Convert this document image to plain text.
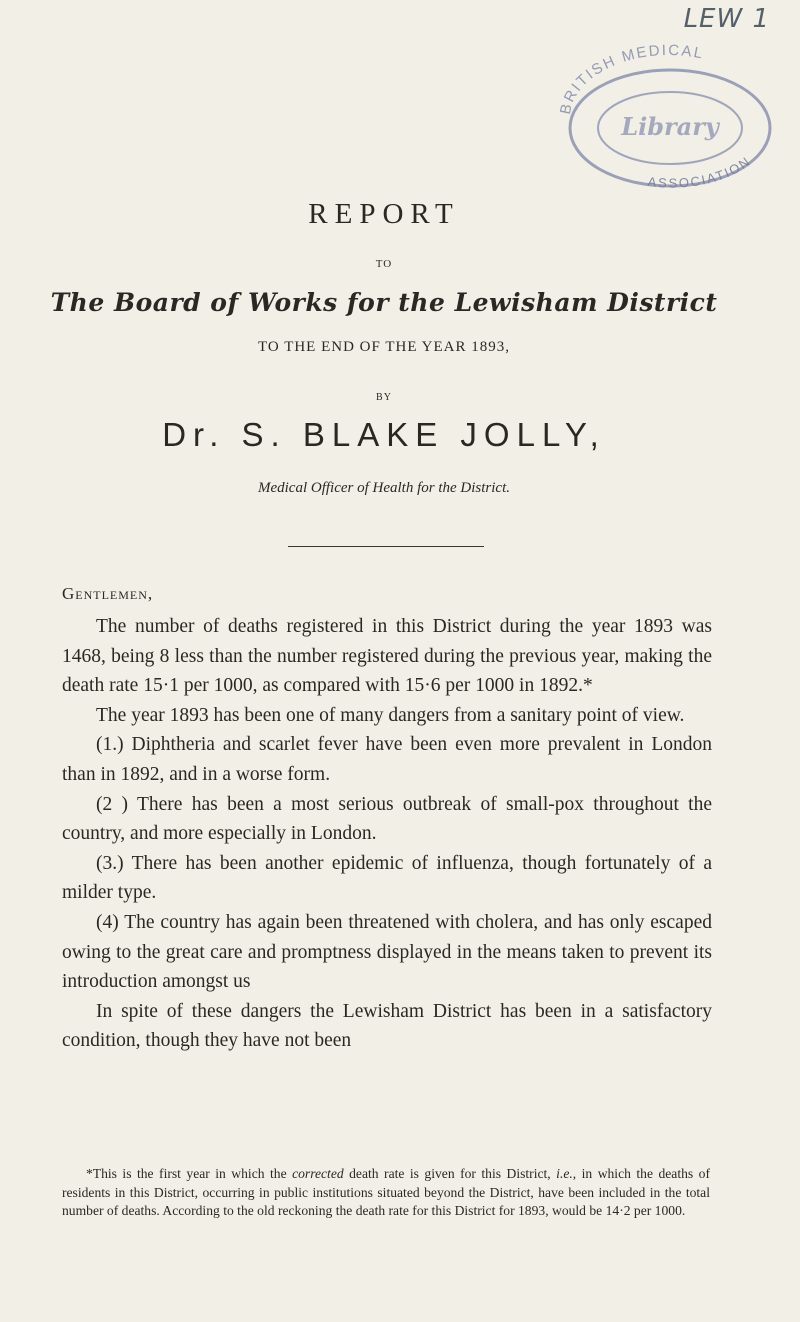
LEW 1
BRITISH MEDICAL
Library
ASSOCIATION
REPORT
TO
The Board of Works for the Lewisham District
TO THE END OF THE YEAR 1893,
BY
Dr. S. BLAKE JOLLY,
Medical Officer of Health for the District.
Gentlemen,

The number of deaths registered in this District during the year 1893 was 1468, being 8 less than the number registered during the previous year, making the death rate 15·1 per 1000, as compared with 15·6 per 1000 in 1892.*

The year 1893 has been one of many dangers from a sanitary point of view.

(1.) Diphtheria and scarlet fever have been even more prevalent in London than in 1892, and in a worse form.

(2 ) There has been a most serious outbreak of small-pox throughout the country, and more especially in London.

(3.) There has been another epidemic of influenza, though fortunately of a milder type.

(4) The country has again been threatened with cholera, and has only escaped owing to the great care and promptness displayed in the means taken to prevent its introduction amongst us

In spite of these dangers the Lewisham District has been in a satisfactory condition, though they have not been

*This is the first year in which the corrected death rate is given for this District, i.e., in which the deaths of residents in this District, occurring in public institutions situated beyond the District, have been included in the total number of deaths. According to the old reckoning the death rate for this District for 1893, would be 14·2 per 1000.
